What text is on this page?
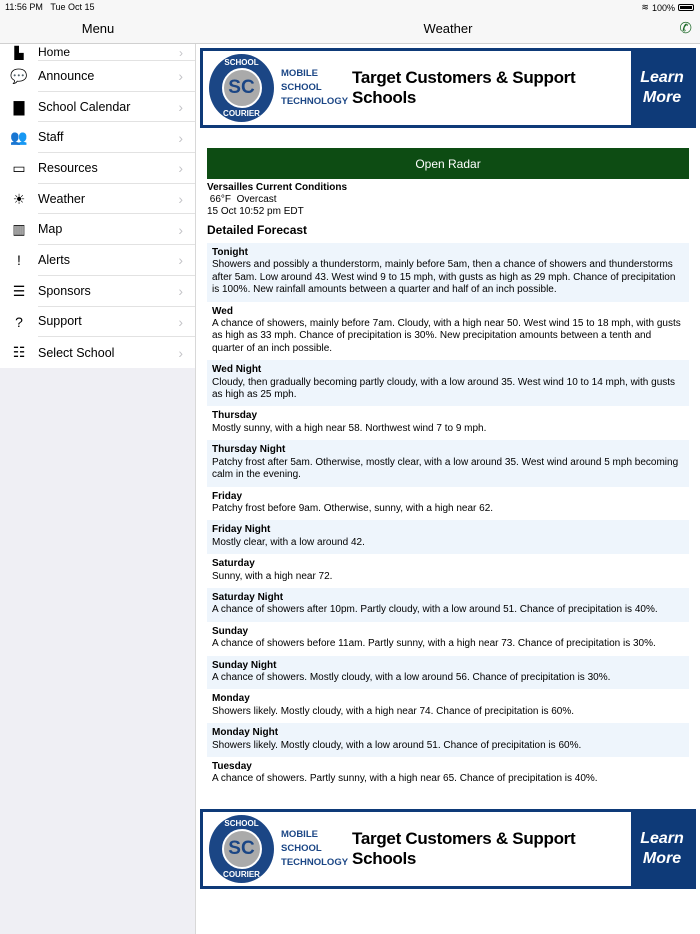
11:56 PM Tue Oct 15	≋ 100%
Menu
▙	Home	›
💬 Announce	›
▇	School Calendar	›
👥 Staff	›
▭ Resources	›
☀	Weather	›
▥ Map	›
!	Alerts	›
☰	Sponsors	›
?	Support	›
☷	Select School	›
Weather	✆
SCHOOL
SC
COURIER
MOBILE
SCHOOL
TECHNOLOGY
Target Customers & Support Schools
Learn
More
Open Radar
Versailles Current Conditions
66°F  Overcast
15 Oct 10:52 pm EDT
Detailed Forecast
Tonight
Showers and possibly a thunderstorm, mainly before 5am, then a chance of showers and thunderstorms after 5am. Low around 43. West wind 9 to 15 mph, with gusts as high as 29 mph. Chance of precipitation is 100%. New rainfall amounts between a quarter and half of an inch possible.
Wed
A chance of showers, mainly before 7am. Cloudy, with a high near 50. West wind 15 to 18 mph, with gusts as high as 33 mph. Chance of precipitation is 30%. New precipitation amounts between a tenth and quarter of an inch possible.
Wed Night
Cloudy, then gradually becoming partly cloudy, with a low around 35. West wind 10 to 14 mph, with gusts as high as 25 mph.
Thursday
Mostly sunny, with a high near 58. Northwest wind 7 to 9 mph.
Thursday Night
Patchy frost after 5am. Otherwise, mostly clear, with a low around 35. West wind around 5 mph becoming calm in the evening.
Friday
Patchy frost before 9am. Otherwise, sunny, with a high near 62.
Friday Night
Mostly clear, with a low around 42.
Saturday
Sunny, with a high near 72.
Saturday Night
A chance of showers after 10pm. Partly cloudy, with a low around 51. Chance of precipitation is 40%.
Sunday
A chance of showers before 11am. Partly sunny, with a high near 73. Chance of precipitation is 30%.
Sunday Night
A chance of showers. Mostly cloudy, with a low around 56. Chance of precipitation is 30%.
Monday
Showers likely. Mostly cloudy, with a high near 74. Chance of precipitation is 60%.
Monday Night
Showers likely. Mostly cloudy, with a low around 51. Chance of precipitation is 60%.
Tuesday
A chance of showers. Partly sunny, with a high near 65. Chance of precipitation is 40%.
SCHOOL
SC
COURIER
MOBILE
SCHOOL
TECHNOLOGY
Target Customers & Support Schools
Learn
More
